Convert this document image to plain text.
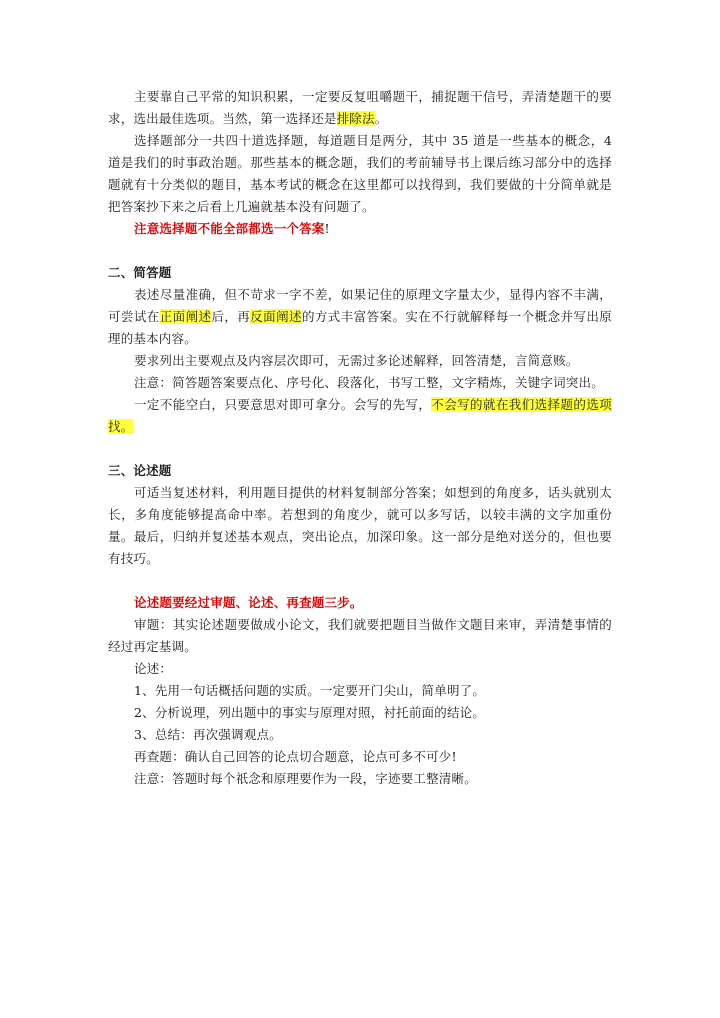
主要靠自己平常的知识积累，一定要反复咀嚼题干，捕捉题干信号，弄清楚题干的要求，选出最佳选项。当然，第一选择还是排除法。

选择题部分一共四十道选择题，每道题目是两分，其中 35 道是一些基本的概念，4 道是我们的时事政治题。那些基本的概念题，我们的考前辅导书上课后练习部分中的选择题就有十分类似的题目，基本考试的概念在这里都可以找得到，我们要做的十分简单就是把答案抄下来之后看上几遍就基本没有问题了。

注意选择题不能全部都选一个答案!

二、简答题

表述尽量准确，但不苛求一字不差，如果记住的原理文字量太少，显得内容不丰满，可尝试在正面阐述后，再反面阐述的方式丰富答案。实在不行就解释每一个概念并写出原理的基本内容。

要求列出主要观点及内容层次即可，无需过多论述解释，回答清楚，言简意赅。

注意：简答题答案要点化、序号化、段落化，书写工整，文字精炼，关键字词突出。

一定不能空白，只要意思对即可拿分。会写的先写，不会写的就在我们选择题的选项找。

三、论述题

可适当复述材料，利用题目提供的材料复制部分答案；如想到的角度多，话头就别太长，多角度能够提高命中率。若想到的角度少，就可以多写话，以较丰满的文字加重份量。最后，归纳并复述基本观点，突出论点，加深印象。这一部分是绝对送分的，但也要有技巧。

论述题要经过审题、论述、再查题三步。

审题：其实论述题要做成小论文，我们就要把题目当做作文题目来审，弄清楚事情的经过再定基调。

论述：

1、先用一句话概括问题的实质。一定要开门尖山，简单明了。

2、分析说理，列出题中的事实与原理对照，衬托前面的结论。

3、总结：再次强调观点。

再查题：确认自己回答的论点切合题意，论点可多不可少!

注意：答题时每个祇念和原理要作为一段，字迹要工整清晰。
